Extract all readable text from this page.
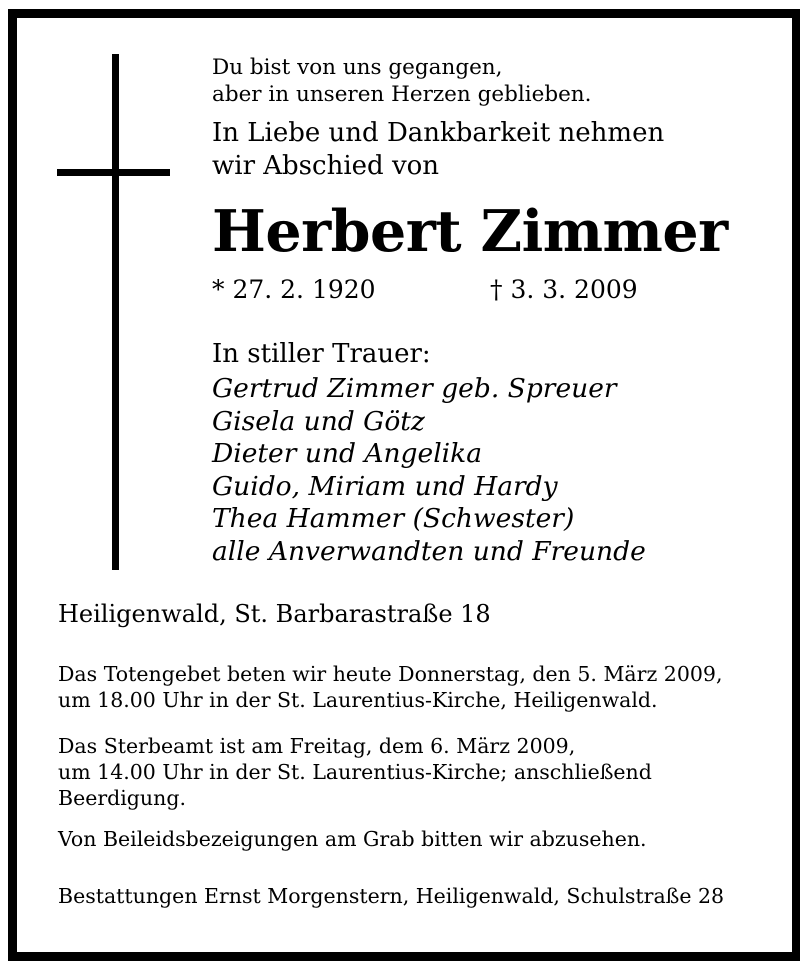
Du bist von uns gegangen,
aber in unseren Herzen geblieben.

In Liebe und Dankbarkeit nehmen
wir Abschied von

Herbert Zimmer
* 27. 2. 1920	† 3. 3. 2009
In stiller Trauer:
Gertrud Zimmer geb. Spreuer
Gisela und Götz
Dieter und Angelika
Guido, Miriam und Hardy
Thea Hammer (Schwester)
alle Anverwandten und Freunde
Heiligenwald, St. Barbarastraße 18

Das Totengebet beten wir heute Donnerstag, den 5. März 2009,
um 18.00 Uhr in der St. Laurentius-Kirche, Heiligenwald.

Das Sterbeamt ist am Freitag, dem 6. März 2009,
um 14.00 Uhr in der St. Laurentius-Kirche; anschließend
Beerdigung.

Von Beileidsbezeigungen am Grab bitten wir abzusehen.

Bestattungen Ernst Morgenstern, Heiligenwald, Schulstraße 28
